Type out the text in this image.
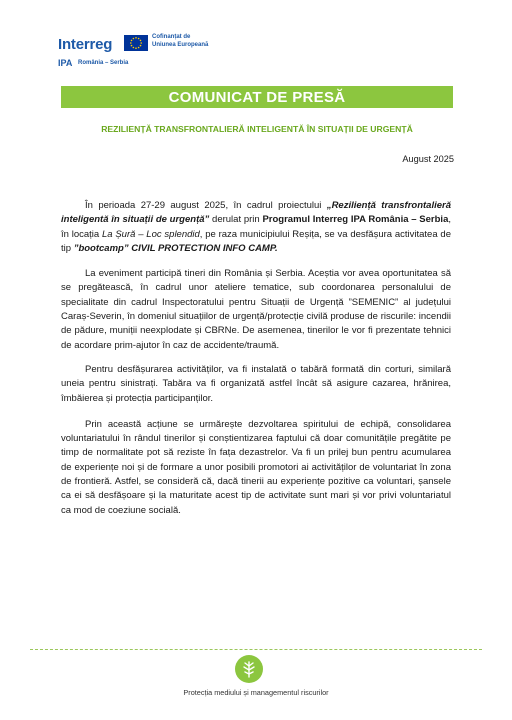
Interreg	Cofinanțat de
Uniunea Europeană
IPA România – Serbia
COMUNICAT DE PRESĂ
REZILIENȚĂ TRANSFRONTALIERĂ INTELIGENTĂ ÎN SITUAȚII DE URGENȚĂ
August 2025

În perioada 27-29 august 2025, în cadrul proiectului „Reziliență transfrontalieră inteligentă în situații de urgență” derulat prin Programul Interreg IPA România – Serbia, în locația La Șură – Loc splendid, pe raza municipiului Reșița, se va desfășura activitatea de tip ”bootcamp” CIVIL PROTECTION INFO CAMP.

La eveniment participă tineri din România și Serbia. Aceștia vor avea oportunitatea să se pregătească, în cadrul unor ateliere tematice, sub coordonarea personalului de specialitate din cadrul Inspectoratului pentru Situații de Urgență ”SEMENIC” al județului Caraș-Severin, în domeniul situațiilor de urgență/protecție civilă produse de riscurile: incendii de pădure, muniții neexplodate și CBRNe. De asemenea, tinerilor le vor fi prezentate tehnici de acordare prim-ajutor în caz de accidente/traumă.

Pentru desfășurarea activităților, va fi instalată o tabără formată din corturi, similară uneia pentru sinistrați. Tabăra va fi organizată astfel încât să asigure cazarea, hrănirea, îmbăierea și protecția participanților.

Prin această acțiune se urmărește dezvoltarea spiritului de echipă, consolidarea voluntariatului în rândul tinerilor și conștientizarea faptului că doar comunitățile pregătite pe timp de normalitate pot să reziste în fața dezastrelor. Va fi un prilej bun pentru acumularea de experiențe noi și de formare a unor posibili promotori ai activităților de voluntariat în zona de frontieră. Astfel, se consideră că, dacă tinerii au experiențe pozitive ca voluntari, șansele ca ei să desfășoare și la maturitate acest tip de activitate sunt mari și vor privi voluntariatul ca mod de coeziune socială.

Protecția mediului și managementul riscurilor
